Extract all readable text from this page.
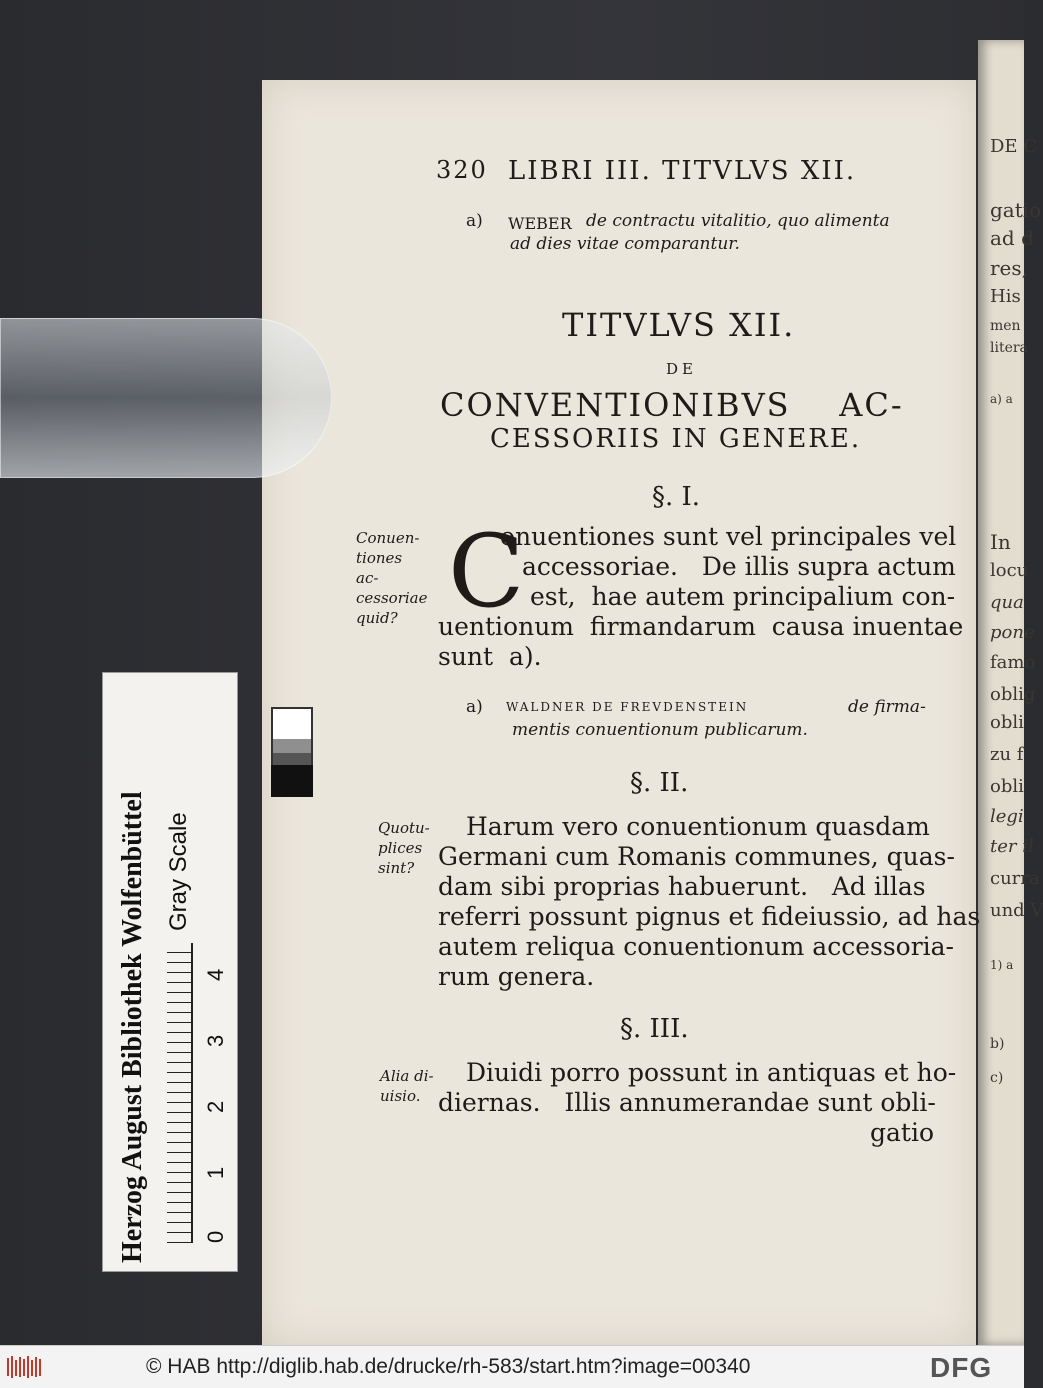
DE C
gatio
ad d
res,
His
men
litera
a) a
In
locu
qua
pone
famo
oblig
obli
zu f
obli
legi
ter il
curra
und V
1) a
b)
c)
320 LIBRI III. TITVLVS XII.
a) WEBER de contractu vitalitio, quo alimenta
ad dies vitae comparantur.
TITVLVS XII.
DE
CONVENTIONIBVS    AC-
CESSORIIS IN GENERE.
§. I.
Conuen- tiones ac- cessoriae quid? C
onuentiones sunt vel principales vel
accessoriae.   De illis supra actum
est,  hae autem principalium con-
uentionum  firmandarum  causa inuentae
sunt  a).
a) WALDNER DE FREVDENSTEIN	de firma-
mentis conuentionum publicarum.
§. II.
Quotu- plices sint?
Harum vero conuentionum quasdam
Germani cum Romanis communes, quas-
dam sibi proprias habuerunt.   Ad illas
referri possunt pignus et fideiussio, ad has
autem reliqua conuentionum accessoria-
rum genera.
§. III.
Alia di- uisio.
Diuidi porro possunt in antiquas et ho-
diernas.   Illis annumerandae sunt obli-
gatio
Herzog August Bibliothek Wolfenbüttel Gray Scale
0
1
2
3
4
© HAB http://diglib.hab.de/drucke/rh-583/start.htm?image=00340	DFG
